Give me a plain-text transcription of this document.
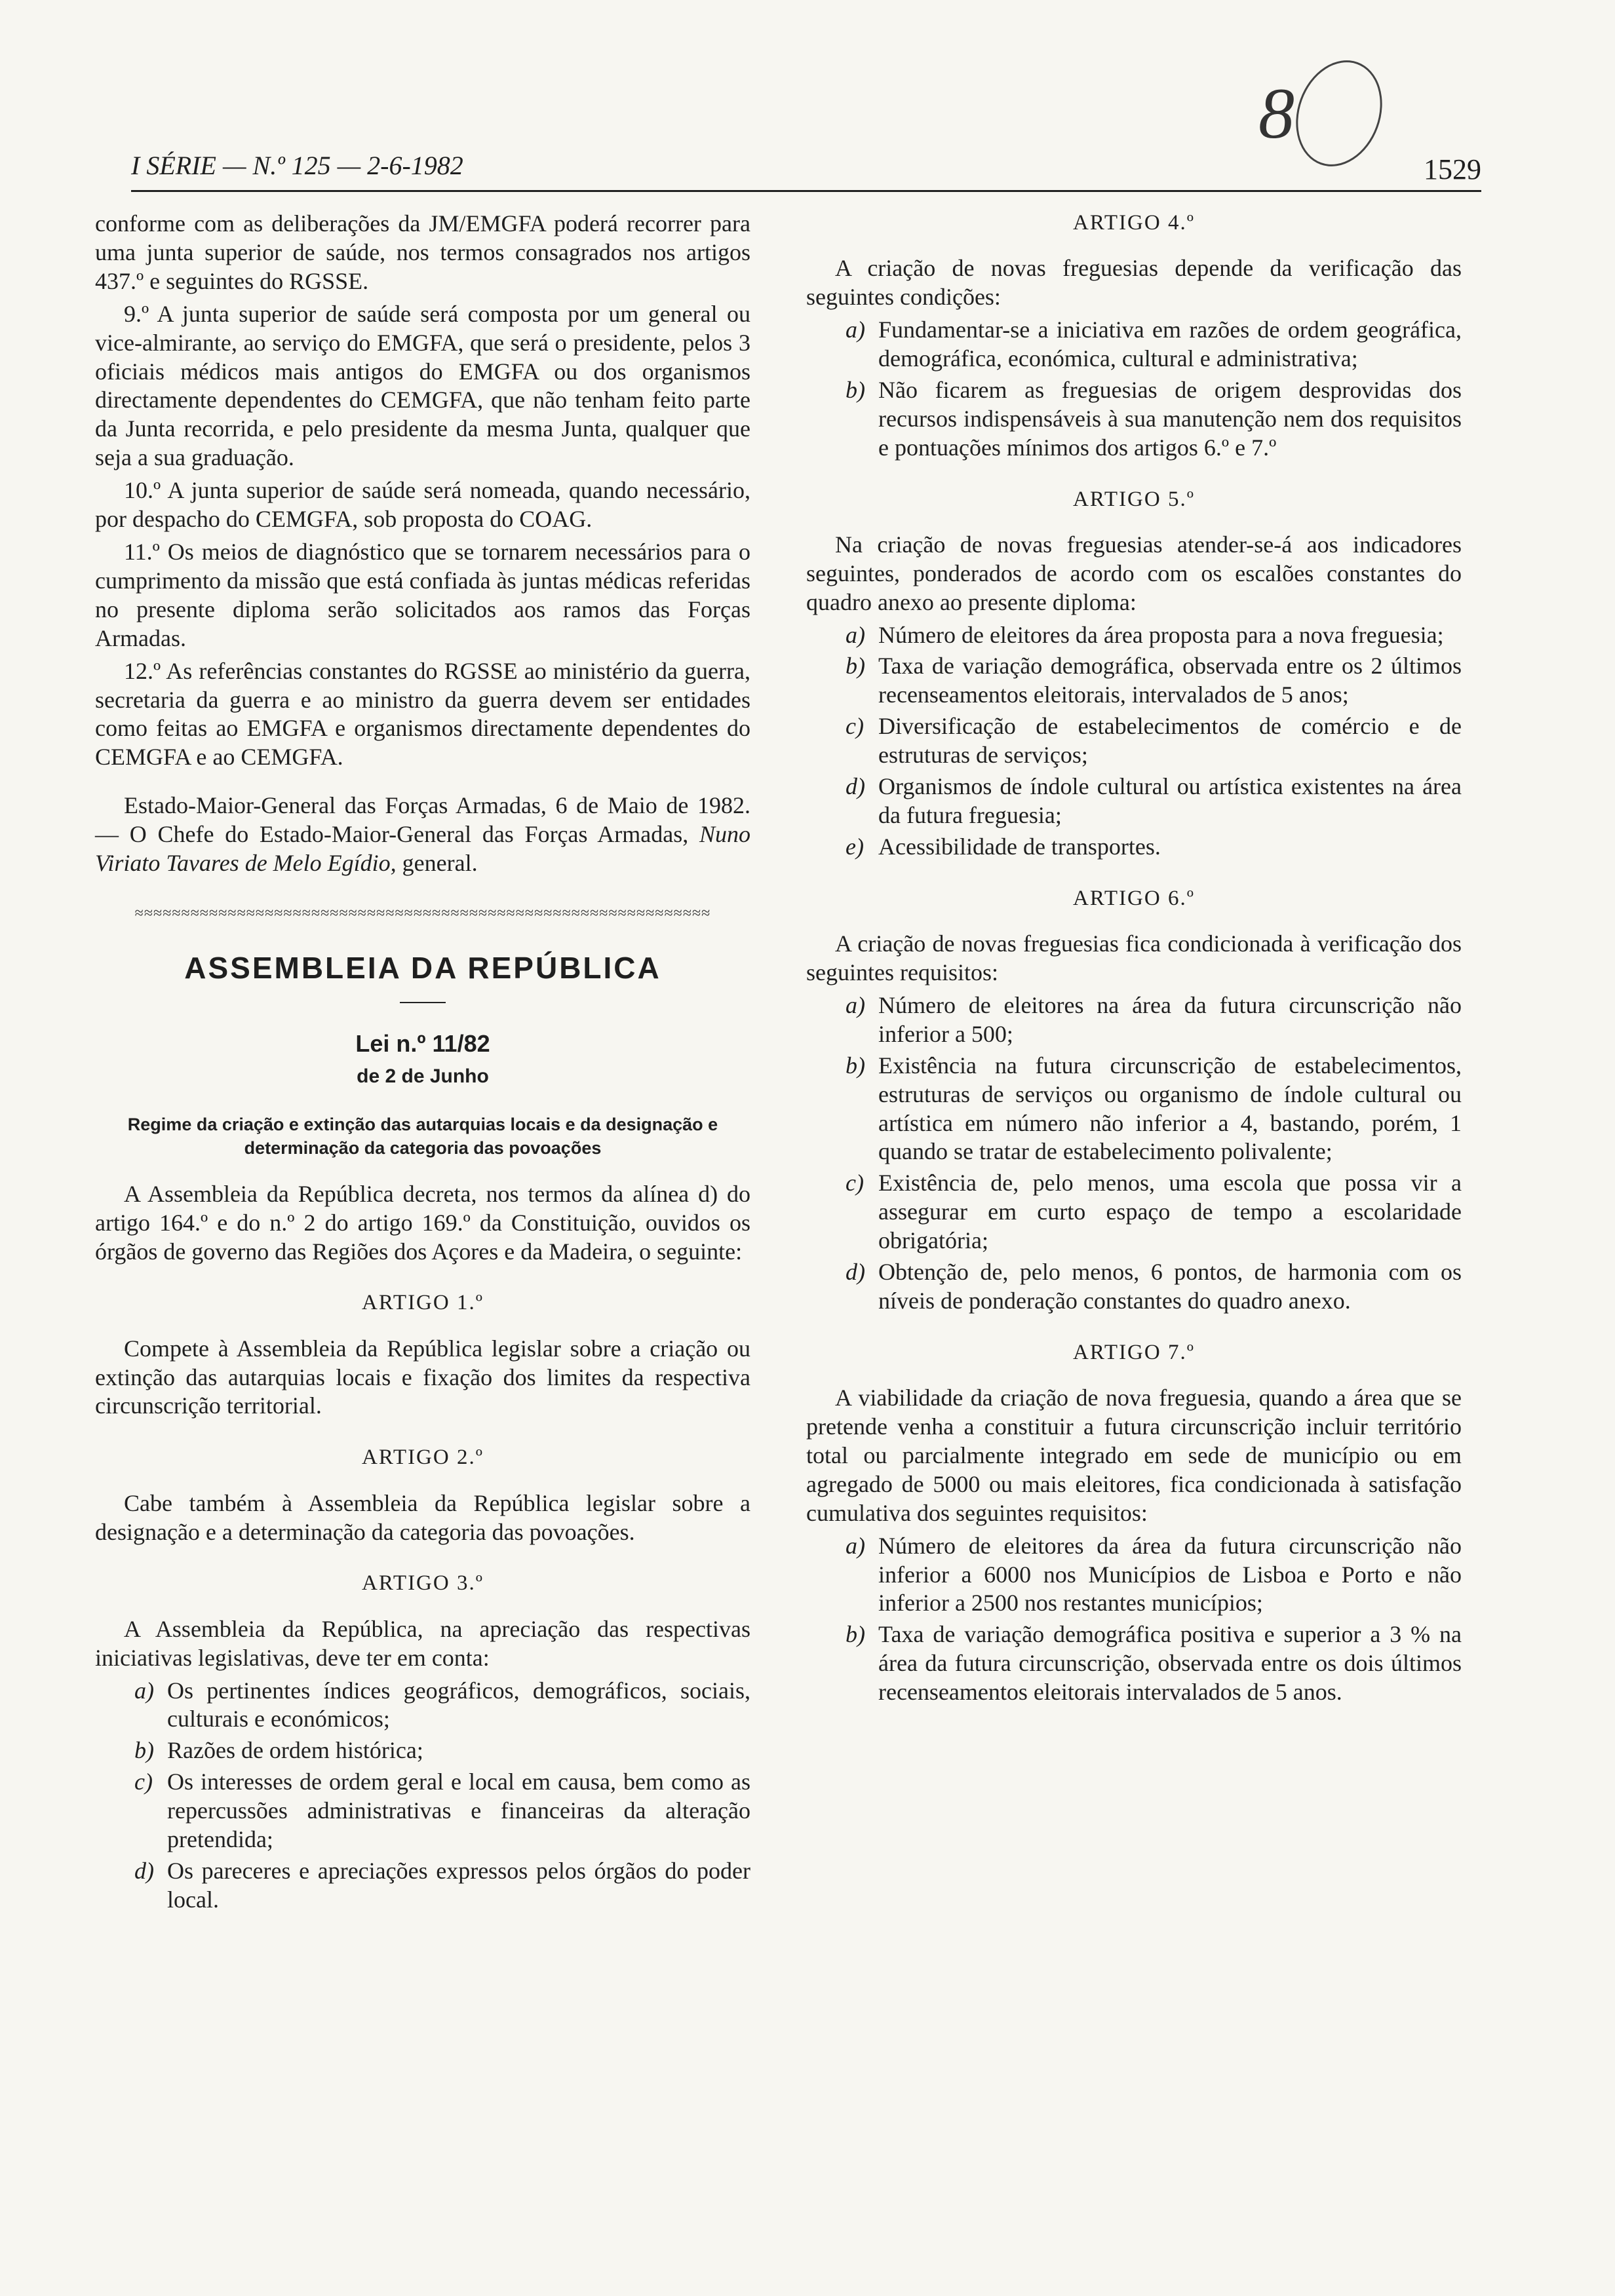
I SÉRIE — N.º 125 — 2-6-1982	1529
8

conforme com as deliberações da JM/EMGFA poderá recorrer para uma junta superior de saúde, nos termos consagrados nos artigos 437.º e seguintes do RGSSE.

9.º A junta superior de saúde será composta por um general ou vice-almirante, ao serviço do EMGFA, que será o presidente, pelos 3 oficiais médicos mais antigos do EMGFA ou dos organismos directamente dependentes do CEMGFA, que não tenham feito parte da Junta recorrida, e pelo presidente da mesma Junta, qualquer que seja a sua graduação.

10.º A junta superior de saúde será nomeada, quando necessário, por despacho do CEMGFA, sob proposta do COAG.

11.º Os meios de diagnóstico que se tornarem necessários para o cumprimento da missão que está confiada às juntas médicas referidas no presente diploma serão solicitados aos ramos das Forças Armadas.

12.º As referências constantes do RGSSE ao ministério da guerra, secretaria da guerra e ao ministro da guerra devem ser entidades como feitas ao EMGFA e organismos directamente dependentes do CEMGFA e ao CEMGFA.

Estado-Maior-General das Forças Armadas, 6 de Maio de 1982. — O Chefe do Estado-Maior-General das Forças Armadas, Nuno Viriato Tavares de Melo Egídio, general.

≈≈≈≈≈≈≈≈≈≈≈≈≈≈≈≈≈≈≈≈≈≈≈≈≈≈≈≈≈≈≈≈≈≈≈≈≈≈≈≈≈≈≈≈≈≈≈≈≈≈≈≈≈≈≈≈≈≈≈≈≈≈
ASSEMBLEIA DA REPÚBLICA
Lei n.º 11/82
de 2 de Junho
Regime da criação e extinção das autarquias locais e da designação e determinação da categoria das povoações

A Assembleia da República decreta, nos termos da alínea d) do artigo 164.º e do n.º 2 do artigo 169.º da Constituição, ouvidos os órgãos de governo das Regiões dos Açores e da Madeira, o seguinte:

ARTIGO 1.º

Compete à Assembleia da República legislar sobre a criação ou extinção das autarquias locais e fixação dos limites da respectiva circunscrição territorial.

ARTIGO 2.º

Cabe também à Assembleia da República legislar sobre a designação e a determinação da categoria das povoações.

ARTIGO 3.º

A Assembleia da República, na apreciação das respectivas iniciativas legislativas, deve ter em conta:

a) Os pertinentes índices geográficos, demográficos, sociais, culturais e económicos;
b) Razões de ordem histórica;
c) Os interesses de ordem geral e local em causa, bem como as repercussões administrativas e financeiras da alteração pretendida;
d) Os pareceres e apreciações expressos pelos órgãos do poder local.
ARTIGO 4.º

A criação de novas freguesias depende da verificação das seguintes condições:

a) Fundamentar-se a iniciativa em razões de ordem geográfica, demográfica, económica, cultural e administrativa;
b) Não ficarem as freguesias de origem desprovidas dos recursos indispensáveis à sua manutenção nem dos requisitos e pontuações mínimos dos artigos 6.º e 7.º
ARTIGO 5.º

Na criação de novas freguesias atender-se-á aos indicadores seguintes, ponderados de acordo com os escalões constantes do quadro anexo ao presente diploma:

a) Número de eleitores da área proposta para a nova freguesia;
b) Taxa de variação demográfica, observada entre os 2 últimos recenseamentos eleitorais, intervalados de 5 anos;
c) Diversificação de estabelecimentos de comércio e de estruturas de serviços;
d) Organismos de índole cultural ou artística existentes na área da futura freguesia;
e) Acessibilidade de transportes.
ARTIGO 6.º

A criação de novas freguesias fica condicionada à verificação dos seguintes requisitos:

a) Número de eleitores na área da futura circunscrição não inferior a 500;
b) Existência na futura circunscrição de estabelecimentos, estruturas de serviços ou organismo de índole cultural ou artística em número não inferior a 4, bastando, porém, 1 quando se tratar de estabelecimento polivalente;
c) Existência de, pelo menos, uma escola que possa vir a assegurar em curto espaço de tempo a escolaridade obrigatória;
d) Obtenção de, pelo menos, 6 pontos, de harmonia com os níveis de ponderação constantes do quadro anexo.
ARTIGO 7.º

A viabilidade da criação de nova freguesia, quando a área que se pretende venha a constituir a futura circunscrição incluir território total ou parcialmente integrado em sede de município ou em agregado de 5000 ou mais eleitores, fica condicionada à satisfação cumulativa dos seguintes requisitos:

a) Número de eleitores da área da futura circunscrição não inferior a 6000 nos Municípios de Lisboa e Porto e não inferior a 2500 nos restantes municípios;
b) Taxa de variação demográfica positiva e superior a 3 % na área da futura circunscrição, observada entre os dois últimos recenseamentos eleitorais intervalados de 5 anos.
